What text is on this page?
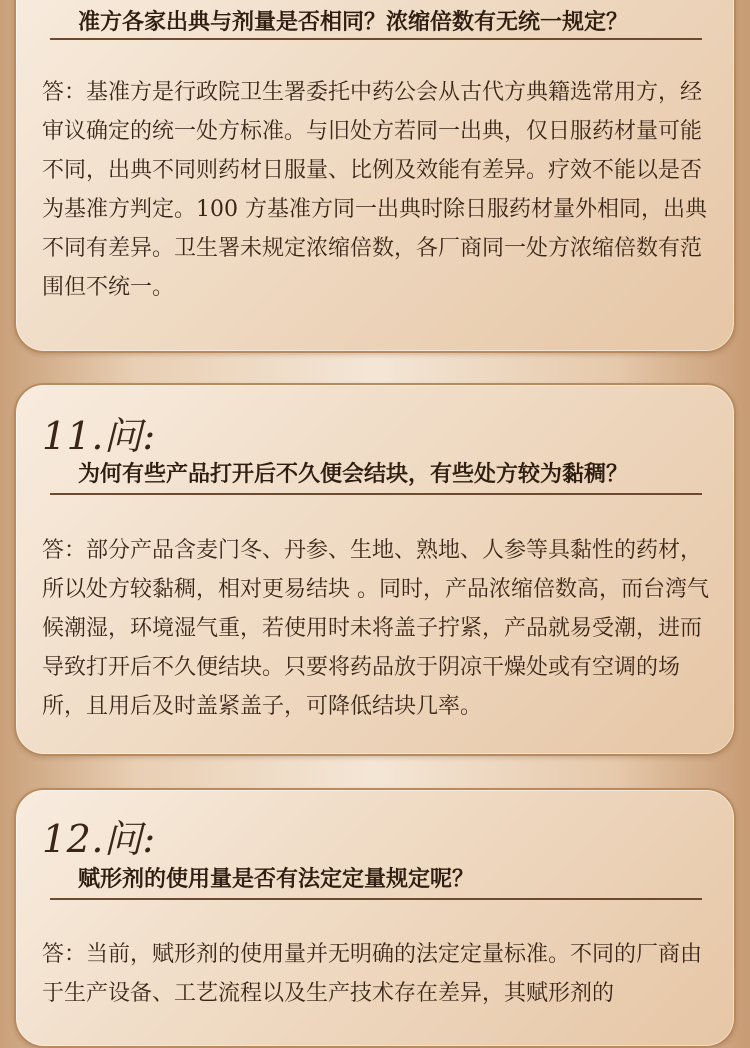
准方各家出典与剂量是否相同？浓缩倍数有无统一规定？
答：基准方是行政院卫生署委托中药公会从古代方典籍选常用方，经审议确定的统一处方标准。与旧处方若同一出典，仅日服药材量可能不同，出典不同则药材日服量、比例及效能有差异。疗效不能以是否为基准方判定。100 方基准方同一出典时除日服药材量外相同，出典不同有差异。卫生署未规定浓缩倍数，各厂商同一处方浓缩倍数有范围但不统一。
11.问:
为何有些产品打开后不久便会结块，有些处方较为黏稠？
答：部分产品含麦门冬、丹参、生地、熟地、人参等具黏性的药材，所以处方较黏稠，相对更易结块 。同时，产品浓缩倍数高，而台湾气候潮湿，环境湿气重，若使用时未将盖子拧紧，产品就易受潮，进而导致打开后不久便结块。只要将药品放于阴凉干燥处或有空调的场所，且用后及时盖紧盖子，可降低结块几率。
12.问:
赋形剂的使用量是否有法定定量规定呢？
答：当前，赋形剂的使用量并无明确的法定定量标准。不同的厂商由于生产设备、工艺流程以及生产技术存在差异，其赋形剂的
